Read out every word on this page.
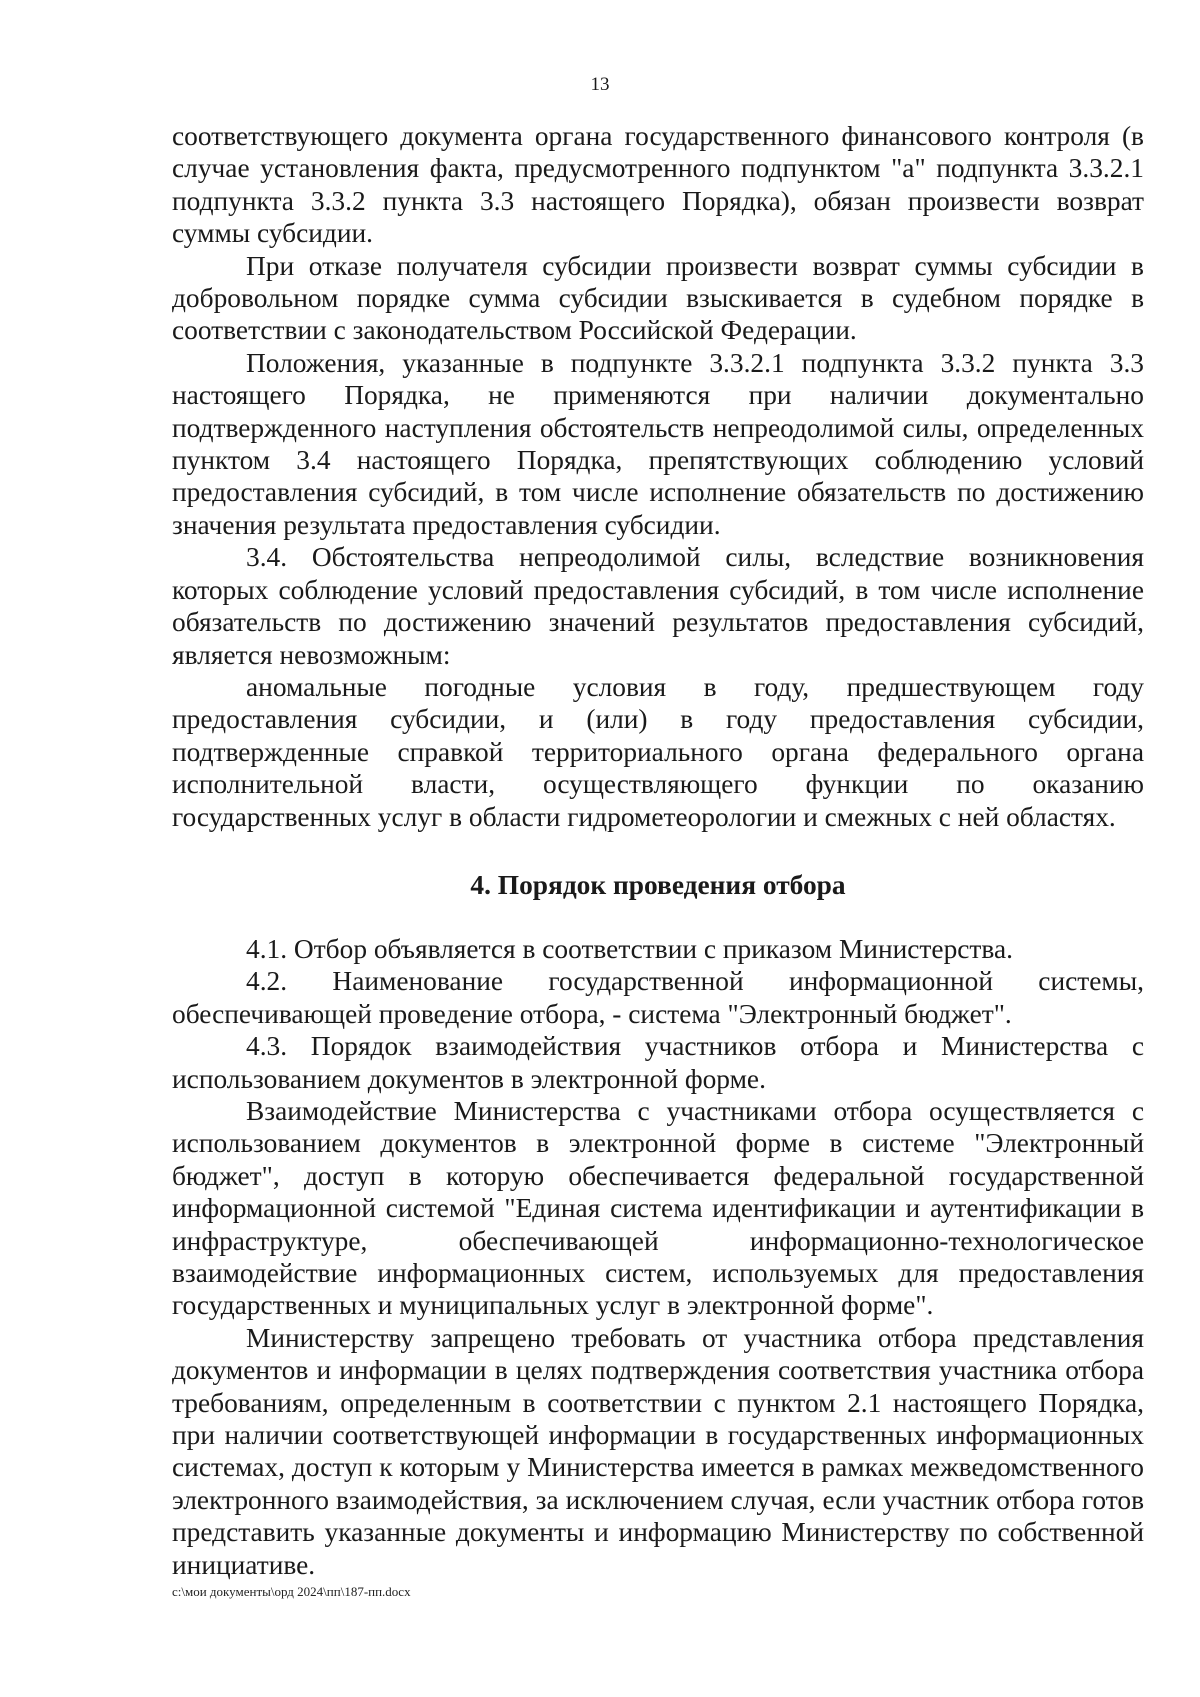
13

соответствующего документа органа государственного финансового контроля (в случае установления факта, предусмотренного подпунктом "а" подпункта 3.3.2.1 подпункта 3.3.2 пункта 3.3 настоящего Порядка), обязан произвести возврат суммы субсидии.

При отказе получателя субсидии произвести возврат суммы субсидии в добровольном порядке сумма субсидии взыскивается в судебном порядке в соответствии с законодательством Российской Федерации.

Положения, указанные в подпункте 3.3.2.1 подпункта 3.3.2 пункта 3.3 настоящего Порядка, не применяются при наличии документально подтвержденного наступления обстоятельств непреодолимой силы, определенных пунктом 3.4 настоящего Порядка, препятствующих соблюдению условий предоставления субсидий, в том числе исполнение обязательств по достижению значения результата предоставления субсидии.

3.4. Обстоятельства непреодолимой силы, вследствие возникновения которых соблюдение условий предоставления субсидий, в том числе исполнение обязательств по достижению значений результатов предоставления субсидий, является невозможным:

аномальные погодные условия в году, предшествующем году предоставления субсидии, и (или) в году предоставления субсидии, подтвержденные справкой территориального органа федерального органа исполнительной власти, осуществляющего функции по оказанию государственных услуг в области гидрометеорологии и смежных с ней областях.

4. Порядок проведения отбора

4.1. Отбор объявляется в соответствии с приказом Министерства.

4.2. Наименование государственной информационной системы, обеспечивающей проведение отбора, - система "Электронный бюджет".

4.3. Порядок взаимодействия участников отбора и Министерства с использованием документов в электронной форме.

Взаимодействие Министерства с участниками отбора осуществляется с использованием документов в электронной форме в системе "Электронный бюджет", доступ в которую обеспечивается федеральной государственной информационной системой "Единая система идентификации и аутентификации в инфраструктуре, обеспечивающей информационно-технологическое взаимодействие информационных систем, используемых для предоставления государственных и муниципальных услуг в электронной форме".

Министерству запрещено требовать от участника отбора представления документов и информации в целях подтверждения соответствия участника отбора требованиям, определенным в соответствии с пунктом 2.1 настоящего Порядка, при наличии соответствующей информации в государственных информационных системах, доступ к которым у Министерства имеется в рамках межведомственного электронного взаимодействия, за исключением случая, если участник отбора готов представить указанные документы и информацию Министерству по собственной инициативе.

c:\мои документы\орд 2024\пп\187-пп.docx
